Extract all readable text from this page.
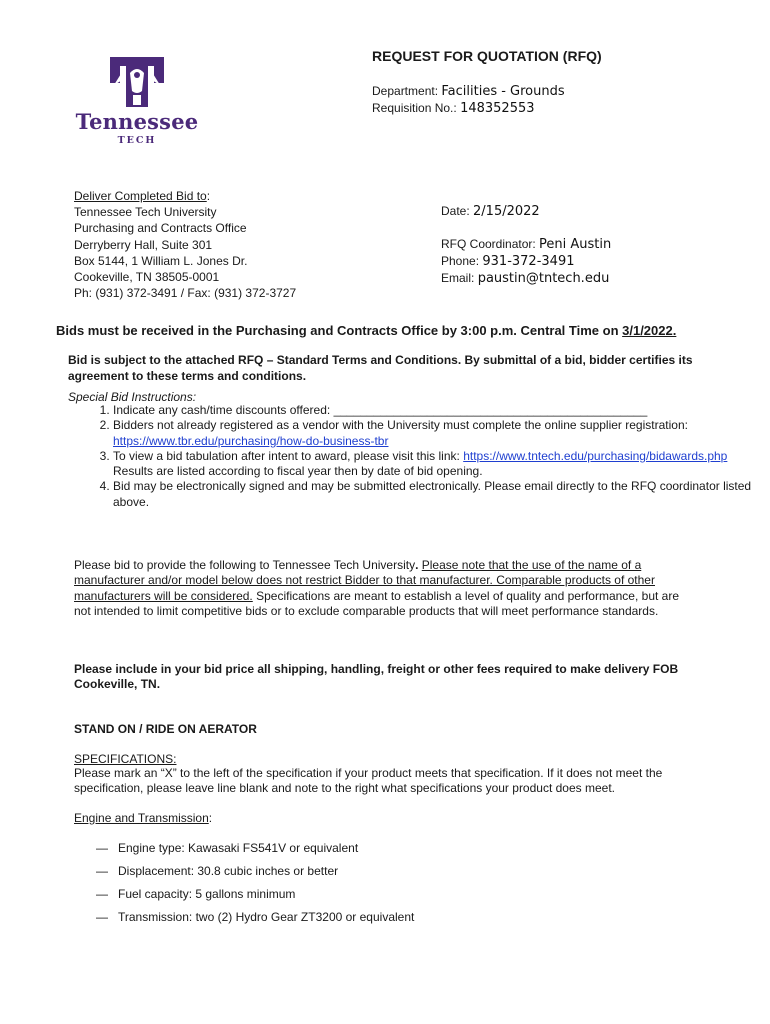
Tennessee
TECH
REQUEST FOR QUOTATION (RFQ)
Department: Facilities - Grounds
Requisition No.: 148352553
Deliver Completed Bid to:
Tennessee Tech University
Purchasing and Contracts Office
Derryberry Hall, Suite 301
Box 5144, 1 William L. Jones Dr.
Cookeville, TN 38505-0001
Ph: (931) 372-3491 / Fax: (931) 372-3727
Date: 2/15/2022
RFQ Coordinator: Peni Austin
Phone: 931-372-3491
Email: paustin@tntech.edu
Bids must be received in the Purchasing and Contracts Office by 3:00 p.m. Central Time on 3/1/2022.
Bid is subject to the attached RFQ – Standard Terms and Conditions. By submittal of a bid, bidder certifies its agreement to these terms and conditions.
Special Bid Instructions:
1. Indicate any cash/time discounts offered: _______________________________________________
2. Bidders not already registered as a vendor with the University must complete the online supplier registration: https://www.tbr.edu/purchasing/how-do-business-tbr
3. To view a bid tabulation after intent to award, please visit this link: https://www.tntech.edu/purchasing/bidawards.php Results are listed according to fiscal year then by date of bid opening.
4. Bid may be electronically signed and may be submitted electronically. Please email directly to the RFQ coordinator listed above.
Please bid to provide the following to Tennessee Tech University. Please note that the use of the name of a manufacturer and/or model below does not restrict Bidder to that manufacturer. Comparable products of other manufacturers will be considered. Specifications are meant to establish a level of quality and performance, but are not intended to limit competitive bids or to exclude comparable products that will meet performance standards.
Please include in your bid price all shipping, handling, freight or other fees required to make delivery FOB Cookeville, TN.
STAND ON / RIDE ON AERATOR
SPECIFICATIONS:
Please mark an “X” to the left of the specification if your product meets that specification. If it does not meet the specification, please leave line blank and note to the right what specifications your product does meet.
Engine and Transmission:
— Engine type: Kawasaki FS541V or equivalent
— Displacement: 30.8 cubic inches or better
— Fuel capacity: 5 gallons minimum
— Transmission: two (2) Hydro Gear ZT3200 or equivalent
